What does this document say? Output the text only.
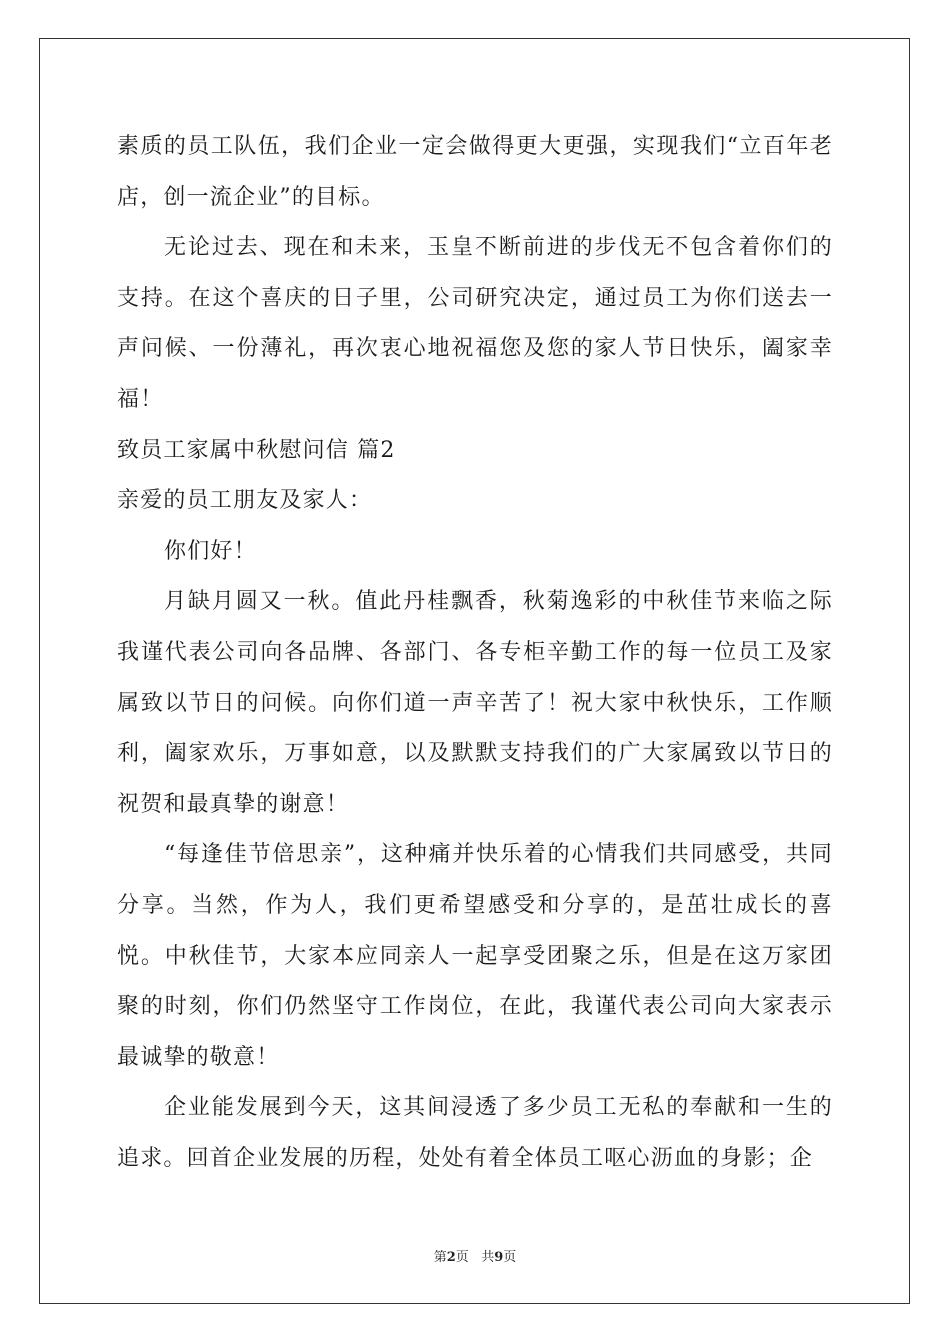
素质的员工队伍，我们企业一定会做得更大更强，实现我们“立百年老店，创一流企业”的目标。

无论过去、现在和未来，玉皇不断前进的步伐无不包含着你们的支持。在这个喜庆的日子里，公司研究决定，通过员工为你们送去一声问候、一份薄礼，再次衷心地祝福您及您的家人节日快乐，阖家幸福！

致员工家属中秋慰问信 篇2

亲爱的员工朋友及家人：

你们好！

月缺月圆又一秋。值此丹桂飘香，秋菊逸彩的中秋佳节来临之际我谨代表公司向各品牌、各部门、各专柜辛勤工作的每一位员工及家属致以节日的问候。向你们道一声辛苦了！祝大家中秋快乐，工作顺利，阖家欢乐，万事如意，以及默默支持我们的广大家属致以节日的祝贺和最真挚的谢意！

“每逢佳节倍思亲”，这种痛并快乐着的心情我们共同感受，共同分享。当然，作为人，我们更希望感受和分享的，是茁壮成长的喜悦。中秋佳节，大家本应同亲人一起享受团聚之乐，但是在这万家团聚的时刻，你们仍然坚守工作岗位，在此，我谨代表公司向大家表示最诚挚的敬意！

企业能发展到今天，这其间浸透了多少员工无私的奉献和一生的追求。回首企业发展的历程，处处有着全体员工呕心沥血的身影；企

第2页 共9页
